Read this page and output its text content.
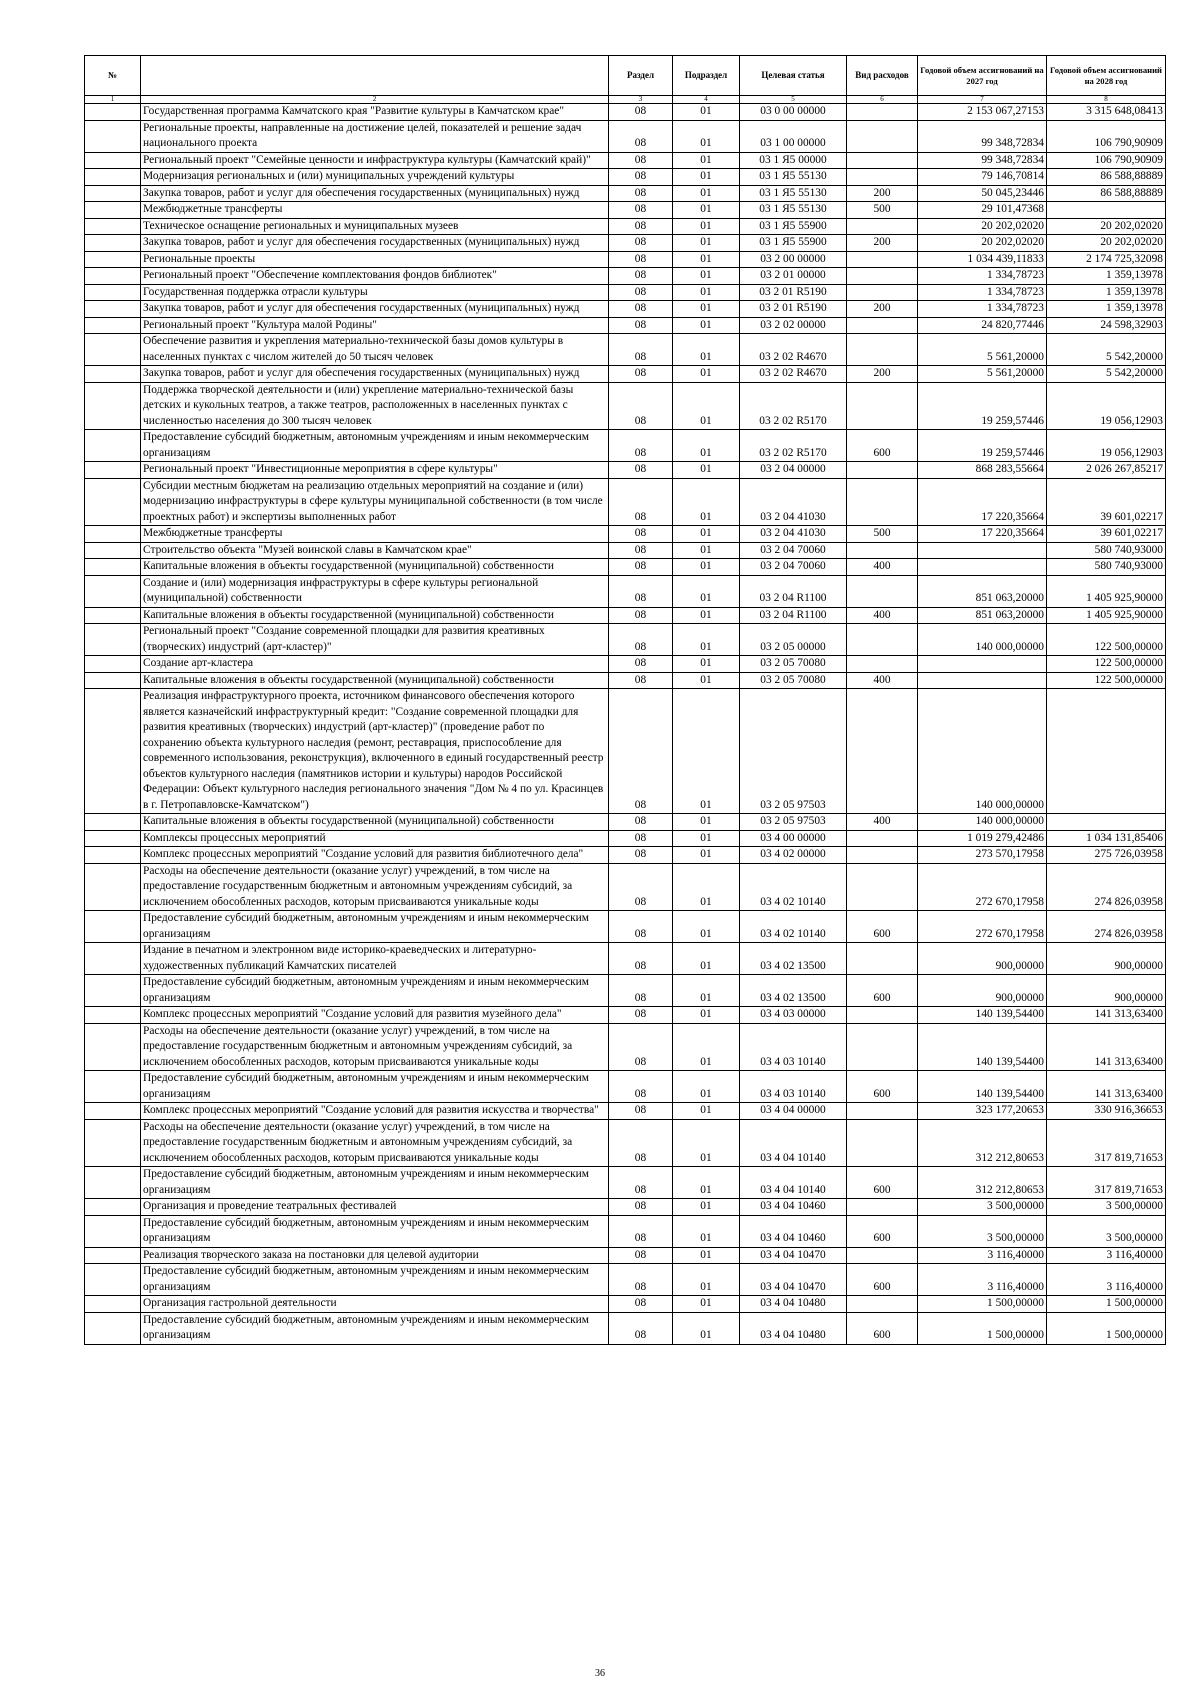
№		Раздел	Подраздел	Целевая статья	Вид расходов	Годовой объем ассигнований на 2027 год	Годовой объем ассигнований на 2028 год
1	2	3	4	5	6	7	8
	Государственная программа Камчатского края "Развитие культуры в Камчатском крае"	08	01	03 0 00 00000		2 153 067,27153	3 315 648,08413
	Региональные проекты, направленные на достижение целей, показателей и решение задач национального проекта	08	01	03 1 00 00000		99 348,72834	106 790,90909
	Региональный проект "Семейные ценности и инфраструктура культуры (Камчатский край)"	08	01	03 1 Я5 00000		99 348,72834	106 790,90909
	Модернизация региональных и (или) муниципальных учреждений культуры	08	01	03 1 Я5 55130		79 146,70814	86 588,88889
	Закупка товаров, работ и услуг для обеспечения государственных (муниципальных) нужд	08	01	03 1 Я5 55130	200	50 045,23446	86 588,88889
	Межбюджетные трансферты	08	01	03 1 Я5 55130	500	29 101,47368	
	Техническое оснащение региональных и муниципальных музеев	08	01	03 1 Я5 55900		20 202,02020	20 202,02020
	Закупка товаров, работ и услуг для обеспечения государственных (муниципальных) нужд	08	01	03 1 Я5 55900	200	20 202,02020	20 202,02020
	Региональные проекты	08	01	03 2 00 00000		1 034 439,11833	2 174 725,32098
	Региональный проект "Обеспечение комплектования фондов библиотек"	08	01	03 2 01 00000		1 334,78723	1 359,13978
	Государственная поддержка отрасли культуры	08	01	03 2 01 R5190		1 334,78723	1 359,13978
	Закупка товаров, работ и услуг для обеспечения государственных (муниципальных) нужд	08	01	03 2 01 R5190	200	1 334,78723	1 359,13978
	Региональный проект "Культура малой Родины"	08	01	03 2 02 00000		24 820,77446	24 598,32903
	Обеспечение развития и укрепления материально-технической базы домов культуры в населенных пунктах с числом жителей до 50 тысяч человек	08	01	03 2 02 R4670		5 561,20000	5 542,20000
	Закупка товаров, работ и услуг для обеспечения государственных (муниципальных) нужд	08	01	03 2 02 R4670	200	5 561,20000	5 542,20000
	Поддержка творческой деятельности и (или) укрепление материально-технической базы детских и кукольных театров, а также театров, расположенных в населенных пунктах с численностью населения до 300 тысяч человек	08	01	03 2 02 R5170		19 259,57446	19 056,12903
	Предоставление субсидий бюджетным, автономным учреждениям и иным некоммерческим организациям	08	01	03 2 02 R5170	600	19 259,57446	19 056,12903
	Региональный проект "Инвестиционные мероприятия в сфере культуры"	08	01	03 2 04 00000		868 283,55664	2 026 267,85217
	Субсидии местным бюджетам на реализацию отдельных мероприятий на создание и (или) модернизацию инфраструктуры в сфере культуры муниципальной собственности (в том числе проектных работ) и экспертизы выполненных работ	08	01	03 2 04 41030		17 220,35664	39 601,02217
	Межбюджетные трансферты	08	01	03 2 04 41030	500	17 220,35664	39 601,02217
	Строительство объекта "Музей воинской славы в Камчатском крае"	08	01	03 2 04 70060			580 740,93000
	Капитальные вложения в объекты государственной (муниципальной) собственности	08	01	03 2 04 70060	400		580 740,93000
	Создание и (или) модернизация инфраструктуры в сфере культуры региональной (муниципальной) собственности	08	01	03 2 04 R1100		851 063,20000	1 405 925,90000
	Капитальные вложения в объекты государственной (муниципальной) собственности	08	01	03 2 04 R1100	400	851 063,20000	1 405 925,90000
	Региональный проект "Создание современной площадки для развития креативных (творческих) индустрий (арт-кластер)"	08	01	03 2 05 00000		140 000,00000	122 500,00000
	Создание арт-кластера	08	01	03 2 05 70080			122 500,00000
	Капитальные вложения в объекты государственной (муниципальной) собственности	08	01	03 2 05 70080	400		122 500,00000
	Реализация инфраструктурного проекта, источником финансового обеспечения которого является казначейский инфраструктурный кредит: "Создание современной площадки для развития креативных (творческих) индустрий (арт-кластер)" (проведение работ по сохранению объекта культурного наследия (ремонт, реставрация, приспособление для современного использования, реконструкция), включенного в единый государственный реестр объектов культурного наследия (памятников истории и культуры) народов Российской Федерации: Объект культурного наследия регионального значения "Дом № 4 по ул. Красинцев в г. Петропавловске-Камчатском")	08	01	03 2 05 97503		140 000,00000	
	Капитальные вложения в объекты государственной (муниципальной) собственности	08	01	03 2 05 97503	400	140 000,00000	
	Комплексы процессных мероприятий	08	01	03 4 00 00000		1 019 279,42486	1 034 131,85406
	Комплекс процессных мероприятий "Создание условий для развития библиотечного дела"	08	01	03 4 02 00000		273 570,17958	275 726,03958
	Расходы на обеспечение деятельности (оказание услуг) учреждений, в том числе на предоставление государственным бюджетным и автономным учреждениям субсидий, за исключением обособленных расходов, которым присваиваются уникальные коды	08	01	03 4 02 10140		272 670,17958	274 826,03958
	Предоставление субсидий бюджетным, автономным учреждениям и иным некоммерческим организациям	08	01	03 4 02 10140	600	272 670,17958	274 826,03958
	Издание в печатном и электронном виде историко-краеведческих и литературно-художественных публикаций Камчатских писателей	08	01	03 4 02 13500		900,00000	900,00000
	Предоставление субсидий бюджетным, автономным учреждениям и иным некоммерческим организациям	08	01	03 4 02 13500	600	900,00000	900,00000
	Комплекс процессных мероприятий "Создание условий для развития музейного дела"	08	01	03 4 03 00000		140 139,54400	141 313,63400
	Расходы на обеспечение деятельности (оказание услуг) учреждений, в том числе на предоставление государственным бюджетным и автономным учреждениям субсидий, за исключением обособленных расходов, которым присваиваются уникальные коды	08	01	03 4 03 10140		140 139,54400	141 313,63400
	Предоставление субсидий бюджетным, автономным учреждениям и иным некоммерческим организациям	08	01	03 4 03 10140	600	140 139,54400	141 313,63400
	Комплекс процессных мероприятий "Создание условий для развития искусства и творчества"	08	01	03 4 04 00000		323 177,20653	330 916,36653
	Расходы на обеспечение деятельности (оказание услуг) учреждений, в том числе на предоставление государственным бюджетным и автономным учреждениям субсидий, за исключением обособленных расходов, которым присваиваются уникальные коды	08	01	03 4 04 10140		312 212,80653	317 819,71653
	Предоставление субсидий бюджетным, автономным учреждениям и иным некоммерческим организациям	08	01	03 4 04 10140	600	312 212,80653	317 819,71653
	Организация и проведение театральных фестивалей	08	01	03 4 04 10460		3 500,00000	3 500,00000
	Предоставление субсидий бюджетным, автономным учреждениям и иным некоммерческим организациям	08	01	03 4 04 10460	600	3 500,00000	3 500,00000
	Реализация творческого заказа на постановки для целевой аудитории	08	01	03 4 04 10470		3 116,40000	3 116,40000
	Предоставление субсидий бюджетным, автономным учреждениям и иным некоммерческим организациям	08	01	03 4 04 10470	600	3 116,40000	3 116,40000
	Организация гастрольной деятельности	08	01	03 4 04 10480		1 500,00000	1 500,00000
	Предоставление субсидий бюджетным, автономным учреждениям и иным некоммерческим организациям	08	01	03 4 04 10480	600	1 500,00000	1 500,00000
36
